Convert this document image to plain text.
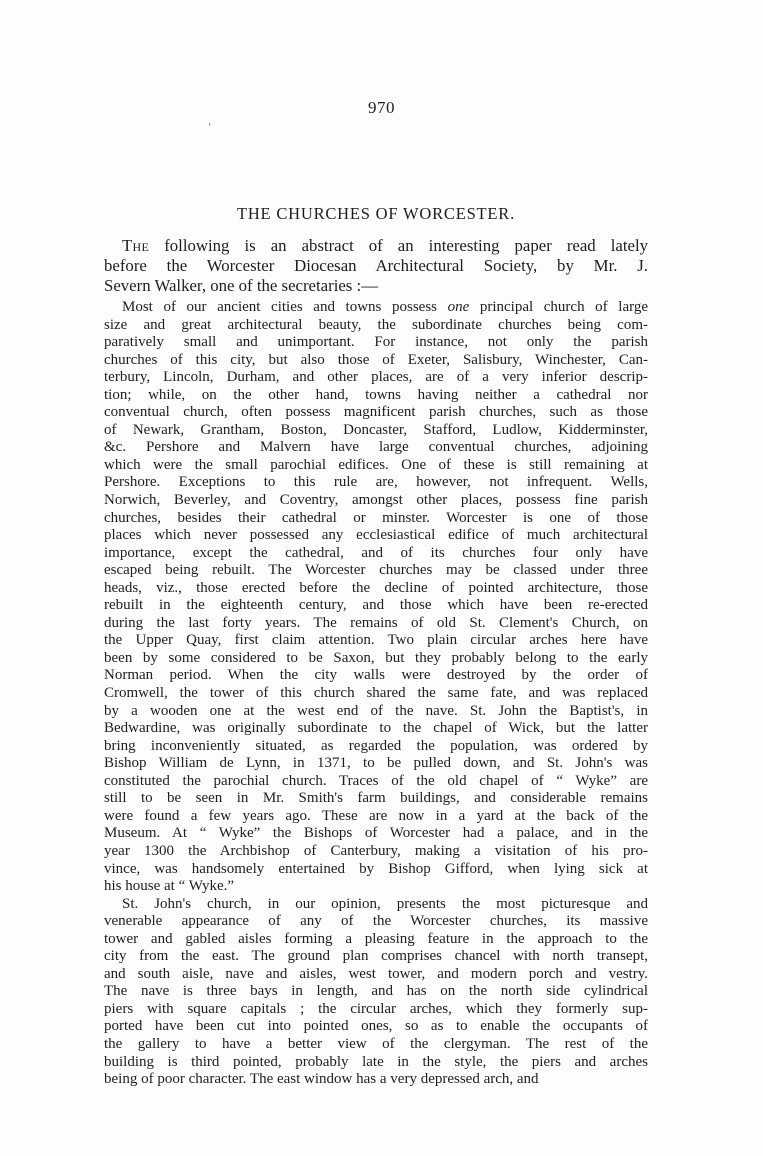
970
‘
THE CHURCHES OF WORCESTER.
The following is an abstract of an interesting paper read lately
before the Worcester Diocesan Architectural Society, by Mr. J.
Severn Walker, one of the secretaries :—
Most of our ancient cities and towns possess one principal church of large
size and great architectural beauty, the subordinate churches being com-
paratively small and unimportant. For instance, not only the parish
churches of this city, but also those of Exeter, Salisbury, Winchester, Can-
terbury, Lincoln, Durham, and other places, are of a very inferior descrip-
tion; while, on the other hand, towns having neither a cathedral nor
conventual church, often possess magnificent parish churches, such as those
of Newark, Grantham, Boston, Doncaster, Stafford, Ludlow, Kidderminster,
&c. Pershore and Malvern have large conventual churches, adjoining
which were the small parochial edifices. One of these is still remaining at
Pershore. Exceptions to this rule are, however, not infrequent. Wells,
Norwich, Beverley, and Coventry, amongst other places, possess fine parish
churches, besides their cathedral or minster. Worcester is one of those
places which never possessed any ecclesiastical edifice of much architectural
importance, except the cathedral, and of its churches four only have
escaped being rebuilt. The Worcester churches may be classed under three
heads, viz., those erected before the decline of pointed architecture, those
rebuilt in the eighteenth century, and those which have been re-erected
during the last forty years. The remains of old St. Clement's Church, on
the Upper Quay, first claim attention. Two plain circular arches here have
been by some considered to be Saxon, but they probably belong to the early
Norman period. When the city walls were destroyed by the order of
Cromwell, the tower of this church shared the same fate, and was replaced
by a wooden one at the west end of the nave. St. John the Baptist's, in
Bedwardine, was originally subordinate to the chapel of Wick, but the latter
bring inconveniently situated, as regarded the population, was ordered by
Bishop William de Lynn, in 1371, to be pulled down, and St. John's was
constituted the parochial church. Traces of the old chapel of “ Wyke” are
still to be seen in Mr. Smith's farm buildings, and considerable remains
were found a few years ago. These are now in a yard at the back of the
Museum. At “ Wyke” the Bishops of Worcester had a palace, and in the
year 1300 the Archbishop of Canterbury, making a visitation of his pro-
vince, was handsomely entertained by Bishop Gifford, when lying sick at
his house at “ Wyke.”
St. John's church, in our opinion, presents the most picturesque and
venerable appearance of any of the Worcester churches, its massive
tower and gabled aisles forming a pleasing feature in the approach to the
city from the east. The ground plan comprises chancel with north transept,
and south aisle, nave and aisles, west tower, and modern porch and vestry.
The nave is three bays in length, and has on the north side cylindrical
piers with square capitals ; the circular arches, which they formerly sup-
ported have been cut into pointed ones, so as to enable the occupants of
the gallery to have a better view of the clergyman. The rest of the
building is third pointed, probably late in the style, the piers and arches
being of poor character. The east window has a very depressed arch, and
